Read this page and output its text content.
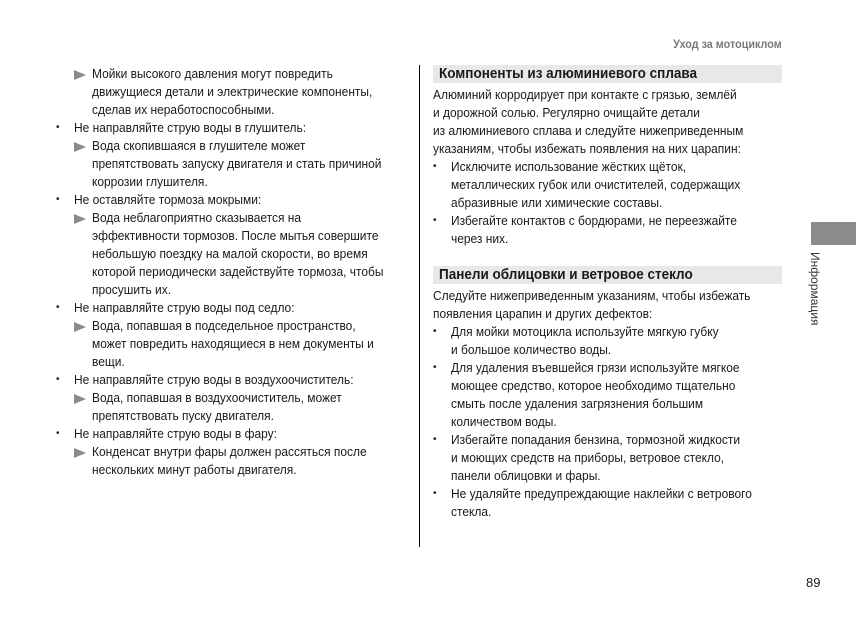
Уход за мотоциклом
Мойки высокого давления могут повредить
движущиеся детали и электрические компоненты,
сделав их неработоспособными.
•	Не направляйте струю воды в глушитель:
Вода скопившаяся в глушителе может
препятствовать запуску двигателя и стать причиной
коррозии глушителя.
•	Не оставляйте тормоза мокрыми:
Вода неблагоприятно сказывается на
эффективности тормозов. После мытья совершите
небольшую поездку на малой скорости, во время
которой периодически задействуйте тормоза, чтобы
просушить их.
•	Не направляйте струю воды под седло:
Вода, попавшая в подседельное пространство,
может повредить находящиеся в нем документы и
вещи.
•	Не направляйте струю воды в воздухоочиститель:
Вода, попавшая в воздухоочиститель, может
препятствовать пуску двигателя.
•	Не направляйте струю воды в фару:
Конденсат внутри фары должен рассяться после
нескольких минут работы двигателя.
Компоненты из алюминиевого сплава
Алюминий корродирует при контакте с грязью, землёй
и дорожной солью. Регулярно очищайте детали
из алюминиевого сплава и следуйте нижеприведенным
указаниям, чтобы избежать появления на них царапин:
• Исключите использование жёстких щёток,
металлических губок или очистителей, содержащих
абразивные или химические составы.
• Избегайте контактов с бордюрами, не переезжайте
через них.
Панели облицовки и ветровое стекло
Следуйте нижеприведенным указаниям, чтобы избежать
появления царапин и других дефектов:
• Для мойки мотоцикла используйте мягкую губку
и большое количество воды.
• Для удаления въевшейся грязи используйте мягкое
моющее средство, которое необходимо тщательно
смыть после удаления загрязнения большим
количеством воды.
• Избегайте попадания бензина, тормозной жидкости
и моющих средств на приборы, ветровое стекло,
панели облицовки и фары.
• Не удаляйте предупреждающие наклейки с ветрового
стекла.
Информация
89
